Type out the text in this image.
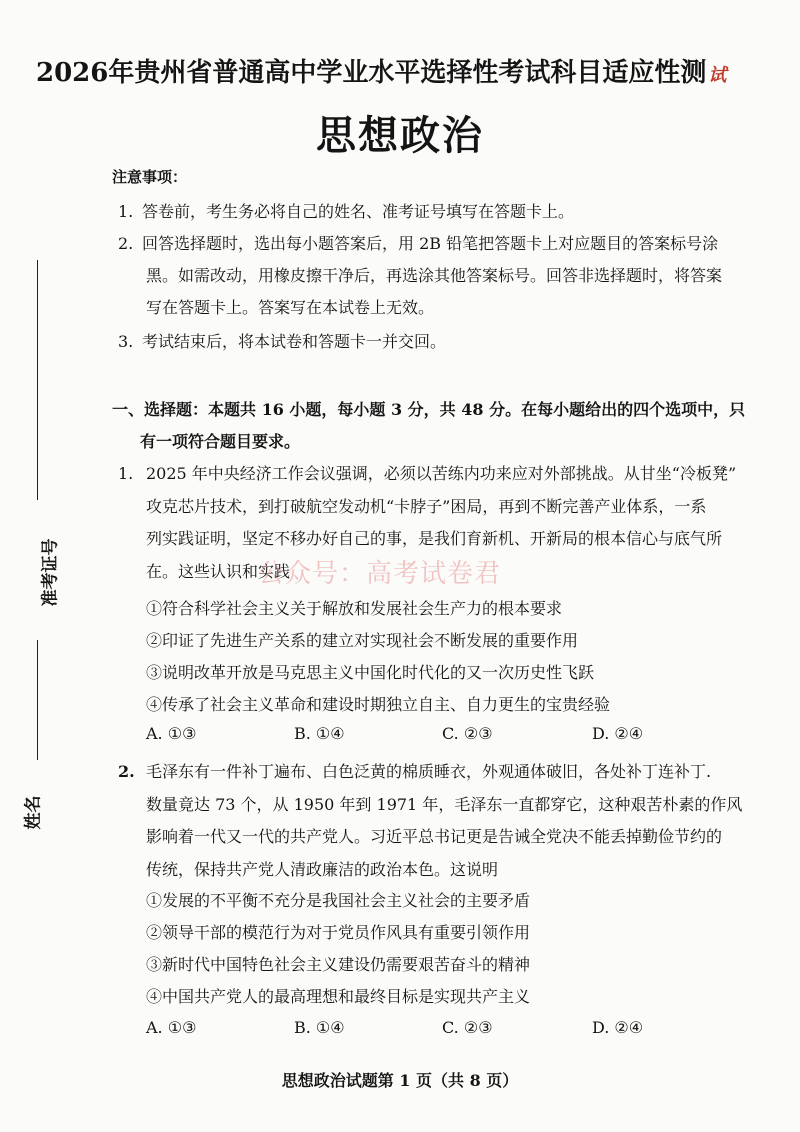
2026年贵州省普通高中学业水平选择性考试科目适应性测 试
思想政治
注意事项：
1. 答卷前，考生务必将自己的姓名、准考证号填写在答题卡上。
2. 回答选择题时，选出每小题答案后，用 2B 铅笔把答题卡上对应题目的答案标号涂
黑。如需改动，用橡皮擦干净后，再选涂其他答案标号。回答非选择题时，将答案
写在答题卡上。答案写在本试卷上无效。
3. 考试结束后，将本试卷和答题卡一并交回。
一、选择题：本题共 16 小题，每小题 3 分，共 48 分。在每小题给出的四个选项中，只
有一项符合题目要求。
1. 2025 年中央经济工作会议强调，必须以苦练内功来应对外部挑战。从甘坐“冷板凳”
攻克芯片技术，到打破航空发动机“卡脖子”困局，再到不断完善产业体系，一系
列实践证明，坚定不移办好自己的事，是我们育新机、开新局的根本信心与底气所
在。这些认识和实践
①符合科学社会主义关于解放和发展社会生产力的根本要求
②印证了先进生产关系的建立对实现社会不断发展的重要作用
③说明改革开放是马克思主义中国化时代化的又一次历史性飞跃
④传承了社会主义革命和建设时期独立自主、自力更生的宝贵经验
A. ①③	B. ①④	C. ②③	D. ②④
2. 毛泽东有一件补丁遍布、白色泛黄的棉质睡衣，外观通体破旧，各处补丁连补丁.
数量竟达 73 个，从 1950 年到 1971 年，毛泽东一直都穿它，这种艰苦朴素的作风
影响着一代又一代的共产党人。习近平总书记更是告诫全党决不能丢掉勤俭节约的
传统，保持共产党人清政廉洁的政治本色。这说明
①发展的不平衡不充分是我国社会主义社会的主要矛盾
②领导干部的模范行为对于党员作风具有重要引领作用
③新时代中国特色社会主义建设仍需要艰苦奋斗的精神
④中国共产党人的最高理想和最终目标是实现共产主义
A. ①③	B. ①④	C. ②③	D. ②④
公众号：高考试卷君
准考证号
姓名
思想政治试题第 1 页（共 8 页）
